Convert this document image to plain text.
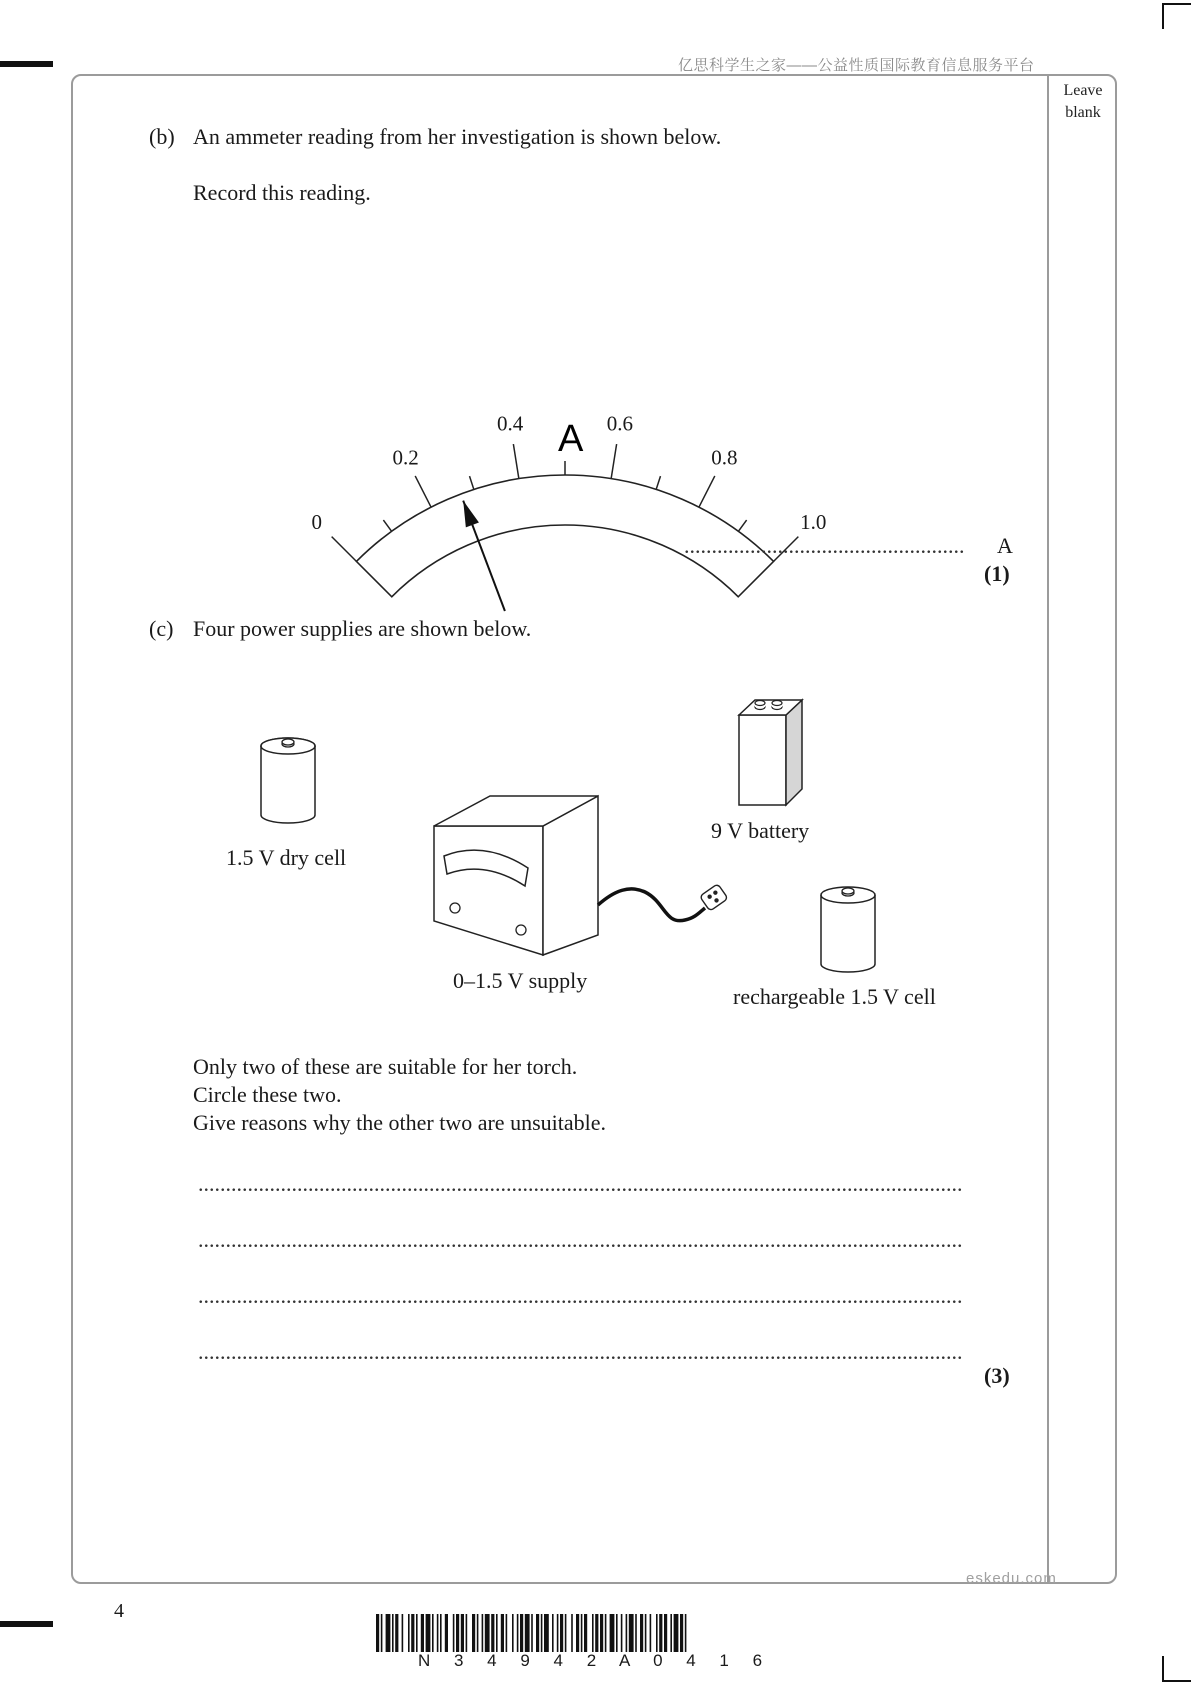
亿思科学生之家——公益性质国际教育信息服务平台
Leave
blank
(b) An ammeter reading from her investigation is shown below.
Record this reading.
0
0.2
0.4	0.6
0.8
1.0
A
...................................................	A
(1)
(c) Four power supplies are shown below.
1.5 V dry cell
9 V battery
0–1.5 V supply
rechargeable 1.5 V cell
Only two of these are suitable for her torch.
Circle these two.
Give reasons why the other two are unsuitable.
...........................................................................................................................................
...........................................................................................................................................
...........................................................................................................................................
...........................................................................................................................................
(3)
eskedu.com
4
N 3 4 9 4 2 A 0 4 1 6
